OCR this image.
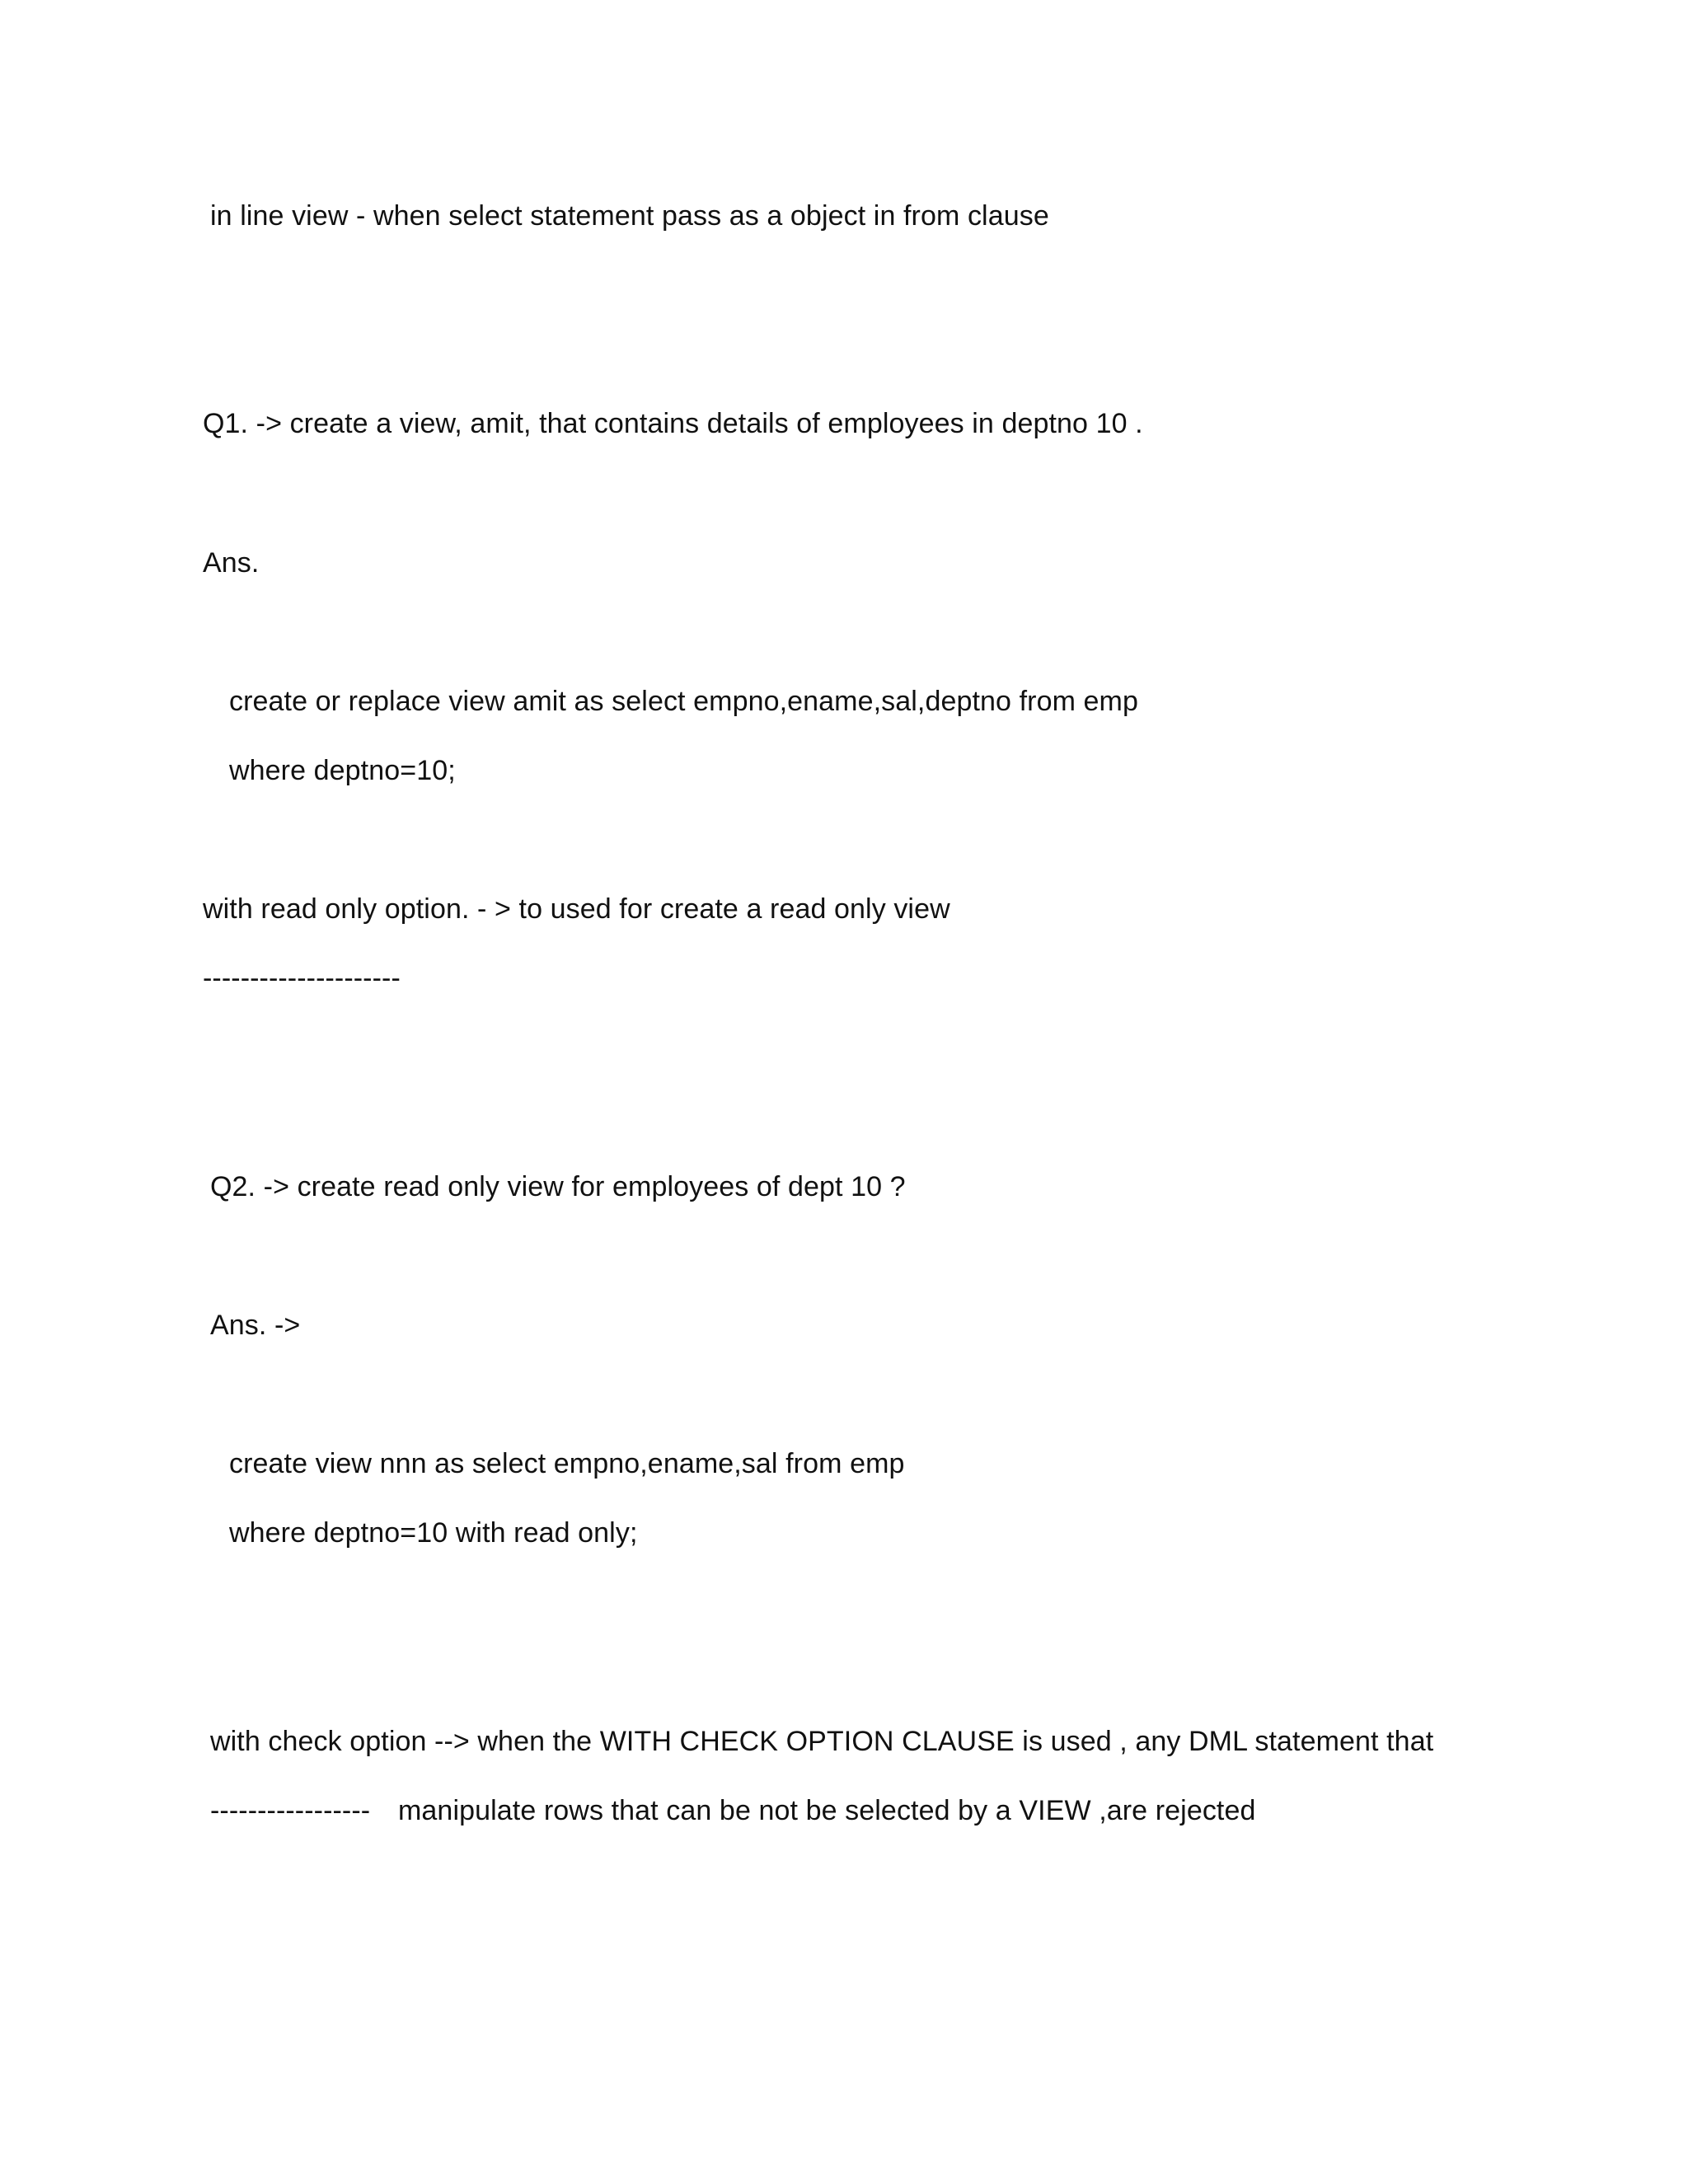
in line view - when select statement pass as a object in from clause
Q1. -> create a view, amit, that contains details of employees in deptno 10 .
Ans.
create or replace view amit as select empno,ename,sal,deptno from emp
where deptno=10;
with read only option. - > to used for create a read only view
---------------------
Q2. -> create read only view for employees of dept 10 ?
Ans. ->
create view nnn as select empno,ename,sal from emp
where deptno=10 with read only;
with check option --> when the WITH CHECK OPTION CLAUSE is used , any DML statement that
----------------- manipulate rows that can be not be selected by a VIEW ,are rejected
